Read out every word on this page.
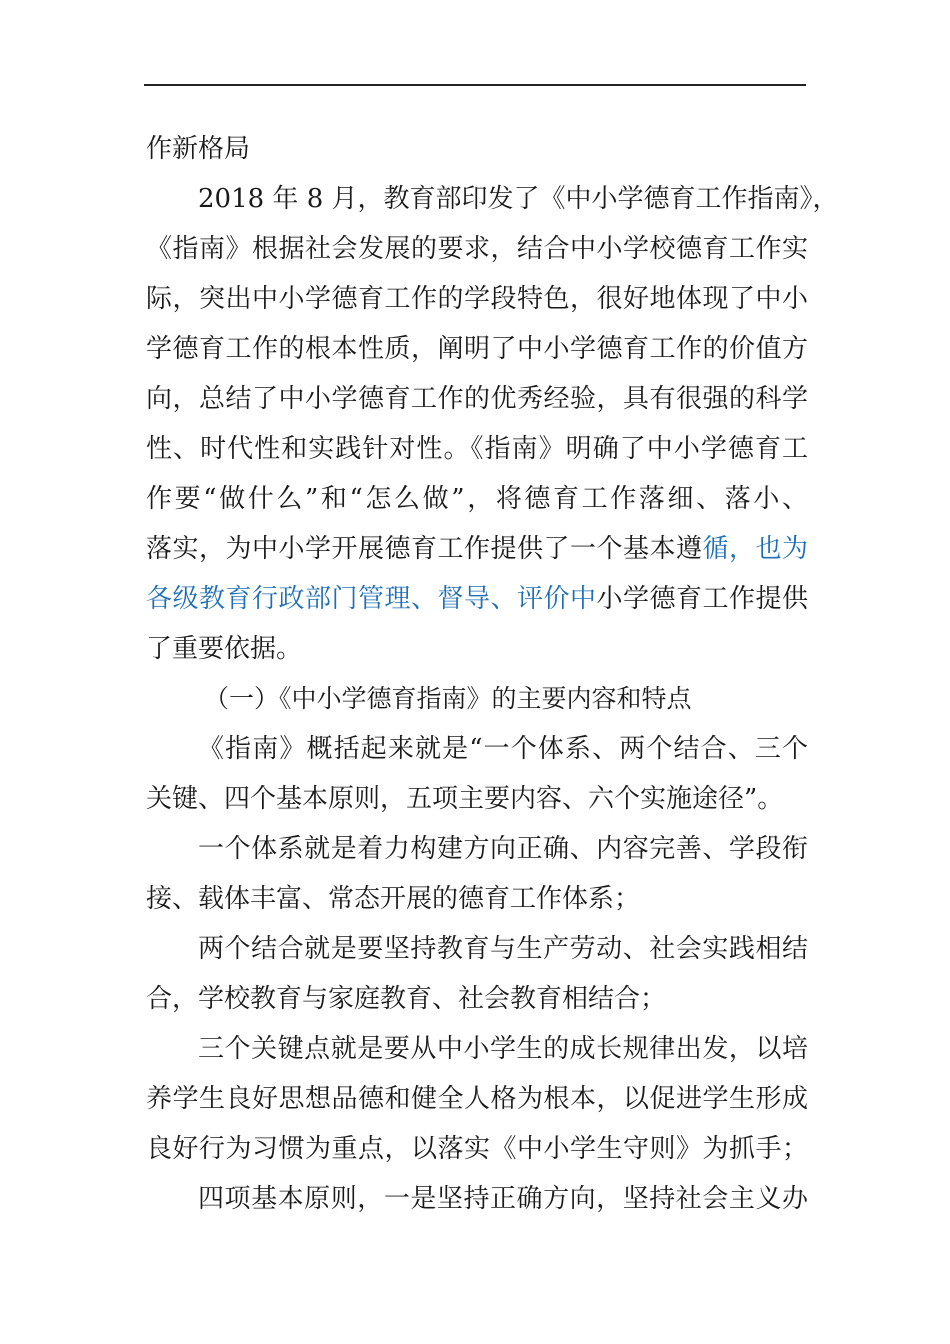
作新格局
2018 年 8 月，教育部印发了《中小学德育工作指南》，
《指南》根据社会发展的要求，结合中小学校德育工作实
际，突出中小学德育工作的学段特色，很好地体现了中小
学德育工作的根本性质，阐明了中小学德育工作的价值方
向，总结了中小学德育工作的优秀经验，具有很强的科学
性、时代性和实践针对性。《指南》明确了中小学德育工
作要“做什么”和“怎么做”，将德育工作落细、落小、
落实，为中小学开展德育工作提供了一个基本遵循，也为
各级教育行政部门管理、督导、评价中小学德育工作提供
了重要依据。
（一）《中小学德育指南》的主要内容和特点
《指南》概括起来就是“一个体系、两个结合、三个
关键、四个基本原则，五项主要内容、六个实施途径”。
一个体系就是着力构建方向正确、内容完善、学段衔
接、载体丰富、常态开展的德育工作体系；
两个结合就是要坚持教育与生产劳动、社会实践相结
合，学校教育与家庭教育、社会教育相结合；
三个关键点就是要从中小学生的成长规律出发，以培
养学生良好思想品德和健全人格为根本，以促进学生形成
良好行为习惯为重点，以落实《中小学生守则》为抓手；
四项基本原则，一是坚持正确方向，坚持社会主义办
